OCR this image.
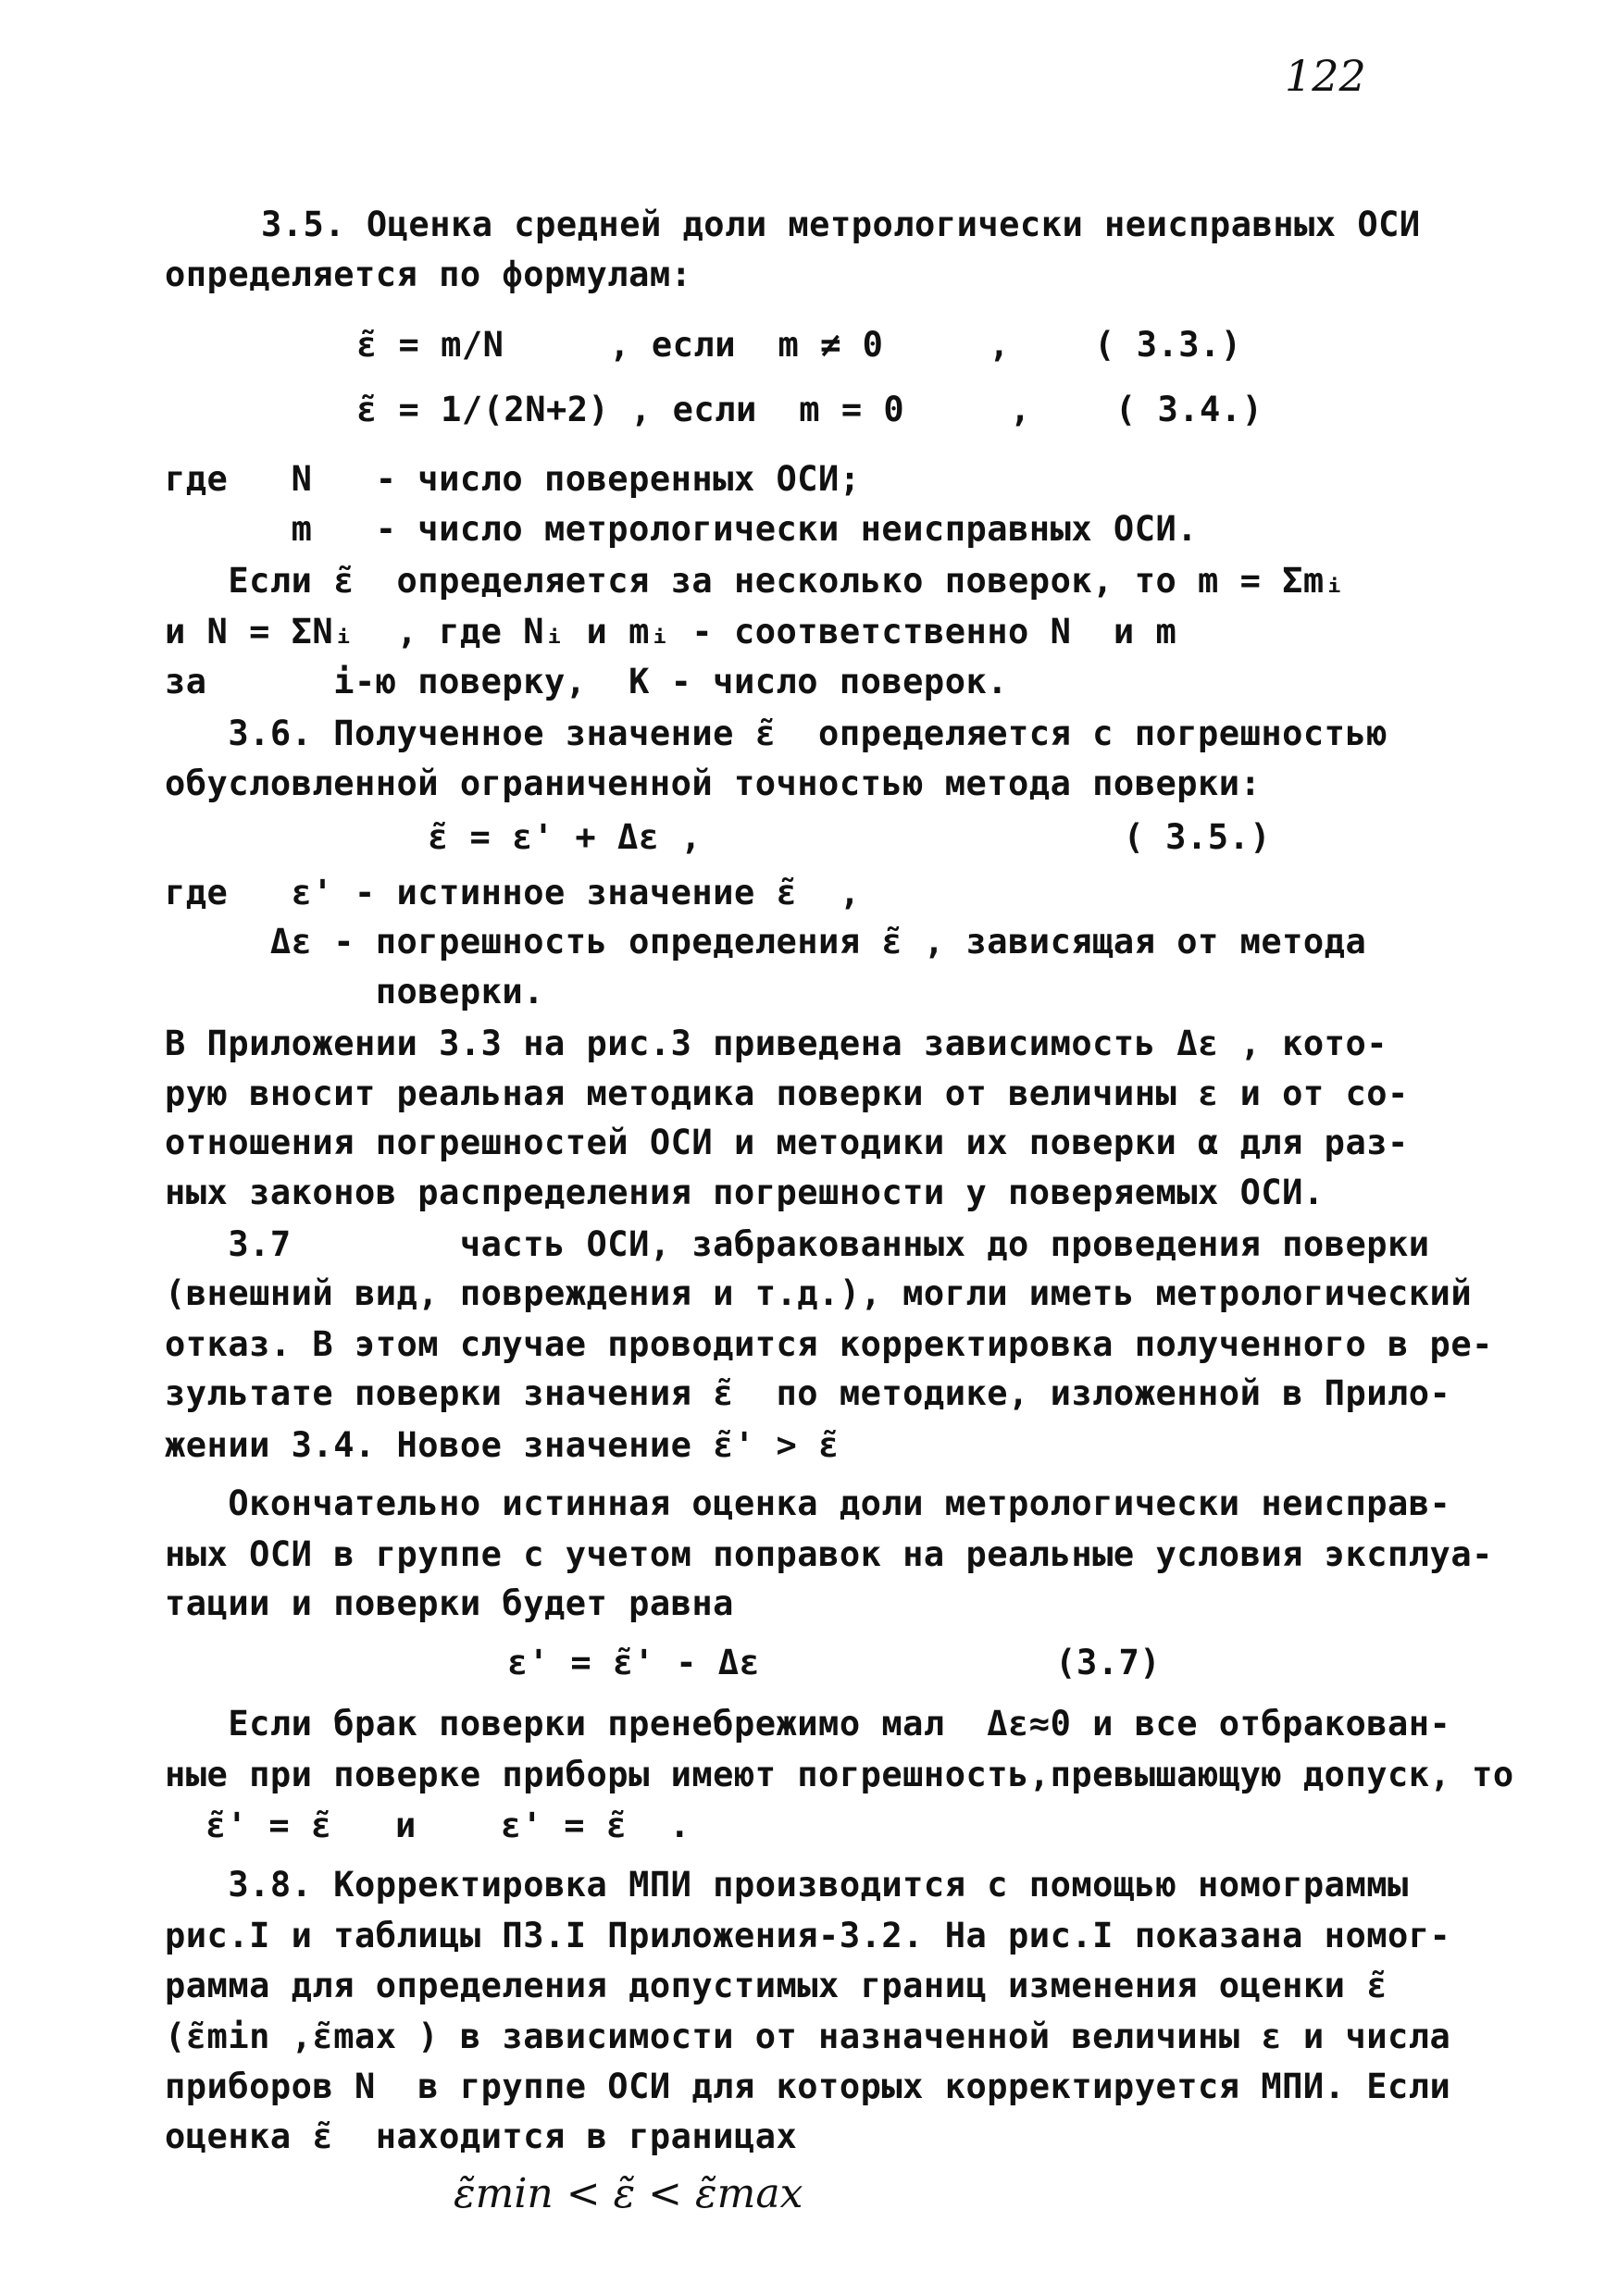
122
3.5. Оценка средней доли метрологически неисправных ОСИ
определяется по формулам:
ε̃ = m/N     , если  m ≠ 0     ,    ( 3.3.)
ε̃ = 1/(2N+2) , если  m = 0     ,    ( 3.4.)
где   N   - число поверенных ОСИ;
m   - число метрологически неисправных ОСИ.
Если ε̃  определяется за несколько поверок, то m = Σmᵢ
и N = ΣNᵢ  , где Nᵢ и mᵢ - соответственно N  и m
за      i-ю поверку,  K - число поверок.
3.6. Полученное значение ε̃  определяется с погрешностью
обусловленной ограниченной точностью метода поверки:
ε̃ = ε' + Δε ,                    ( 3.5.)
где   ε' - истинное значение ε̃  ,
Δε - погрешность определения ε̃ , зависящая от метода
поверки.
В Приложении 3.3 на рис.3 приведена зависимость Δε , кото-
рую вносит реальная методика поверки от величины ε и от со-
отношения погрешностей ОСИ и методики их поверки α для раз-
ных законов распределения погрешности у поверяемых ОСИ.
3.7        часть ОСИ, забракованных до проведения поверки
(внешний вид, повреждения и т.д.), могли иметь метрологический
отказ. В этом случае проводится корректировка полученного в ре-
зультате поверки значения ε̃  по методике, изложенной в Прило-
жении 3.4. Новое значение ε̃' > ε̃
Окончательно истинная оценка доли метрологически неисправ-
ных ОСИ в группе с учетом поправок на реальные условия эксплуа-
тации и поверки будет равна
ε' = ε̃' - Δε              (3.7)
Если брак поверки пренебрежимо мал  Δε≈0 и все отбракован-
ные при поверке приборы имеют погрешность,превышающую допуск, то
ε̃' = ε̃   и    ε' = ε̃  .
3.8. Корректировка МПИ производится с помощью номограммы
рис.I и таблицы П3.I Приложения-3.2. На рис.I показана номог-
рамма для определения допустимых границ изменения оценки ε̃
(ε̃min ,ε̃max ) в зависимости от назначенной величины ε и числа
приборов N  в группе ОСИ для которых корректируется МПИ. Если
оценка ε̃  находится в границах
ε̃min < ε̃ < ε̃max
